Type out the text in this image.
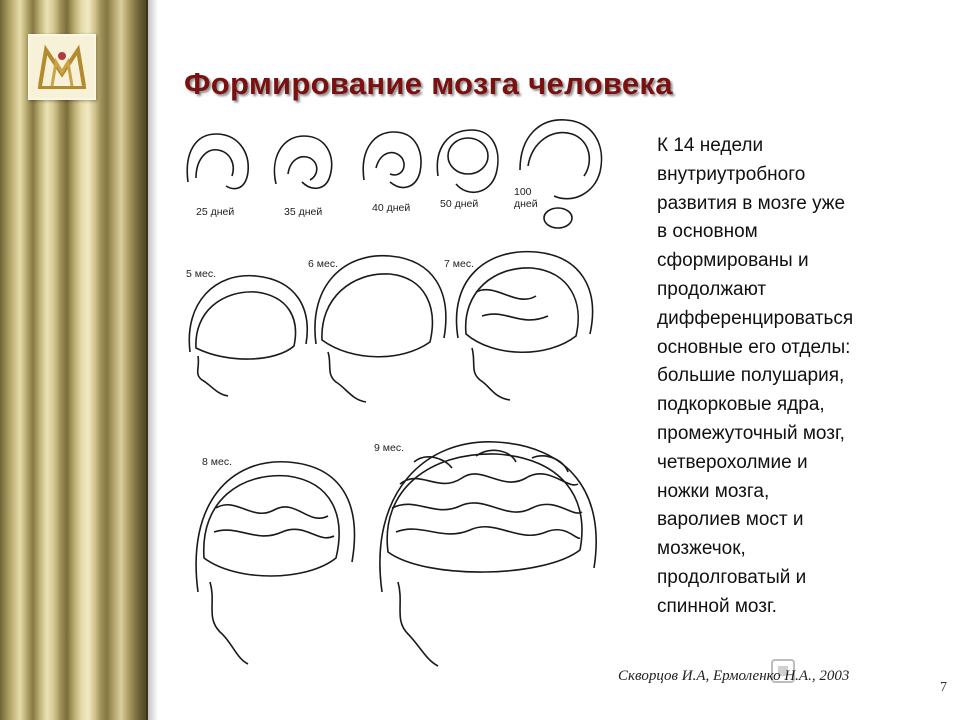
Формирование мозга человека
25 дней	35 дней	40 дней	50 дней
100 дней
5 мес.
6 мес.	7 мес.
8 мес.
9 мес.
К 14 недели
внутриутробного
развития в мозге уже
в основном
сформированы и
продолжают
дифференцироваться
основные его отделы:
большие полушария,
подкорковые ядра,
промежуточный мозг,
четверохолмие и
ножки мозга,
варолиев мост и
мозжечок,
продолговатый и
спинной мозг.
Скворцов И.А, Ермоленко Н.А., 2003
7
